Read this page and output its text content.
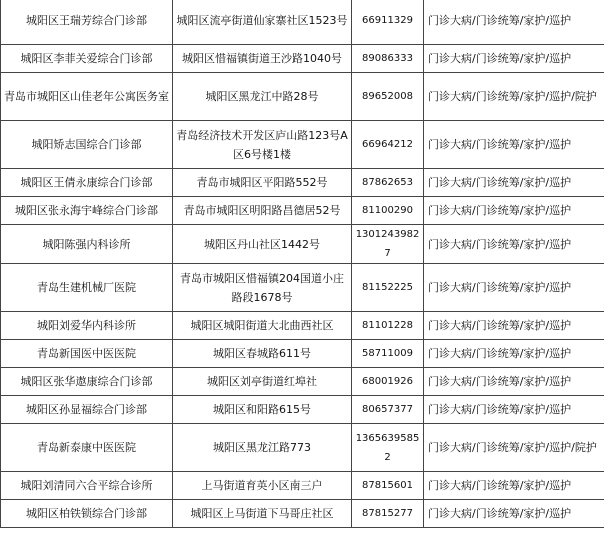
城阳区王瑞芳综合门诊部	城阳区流亭街道仙家寨社区1523号	66911329	门诊大病/门诊统筹/家护/巡护
城阳区李菲关爱综合门诊部	城阳区惜福镇街道王沙路1040号	89086333	门诊大病/门诊统筹/家护/巡护
青岛市城阳区山佳老年公寓医务室	城阳区黑龙江中路28号	89652008	门诊大病/门诊统筹/家护/巡护/院护
城阳矫志国综合门诊部	青岛经济技术开发区庐山路123号A区6号楼1楼	66964212	门诊大病/门诊统筹/家护/巡护
城阳区王倩永康综合门诊部	青岛市城阳区平阳路552号	87862653	门诊大病/门诊统筹/家护/巡护
城阳区张永海宇峰综合门诊部	青岛市城阳区明阳路昌德居52号	81100290	门诊大病/门诊统筹/家护/巡护
城阳陈强内科诊所	城阳区丹山社区1442号	13012439827	门诊大病/门诊统筹/家护/巡护
青岛生建机械厂医院	青岛市城阳区惜福镇204国道小庄路段1678号	81152225	门诊大病/门诊统筹/家护/巡护
城阳刘爱华内科诊所	城阳区城阳街道大北曲西社区	81101228	门诊大病/门诊统筹/家护/巡护
青岛新国医中医医院	城阳区春城路611号	58711009	门诊大病/门诊统筹/家护/巡护
城阳区张华遨康综合门诊部	城阳区刘亭街道红埠社	68001926	门诊大病/门诊统筹/家护/巡护
城阳区孙显福综合门诊部	城阳区和阳路615号	80657377	门诊大病/门诊统筹/家护/巡护
青岛新泰康中医医院	城阳区黑龙江路773	13656395852	门诊大病/门诊统筹/家护/巡护/院护
城阳刘清同六合平综合诊所	上马街道育英小区南三户	87815601	门诊大病/门诊统筹/家护/巡护
城阳区柏铁锁综合门诊部	城阳区上马街道下马哥庄社区	87815277	门诊大病/门诊统筹/家护/巡护
